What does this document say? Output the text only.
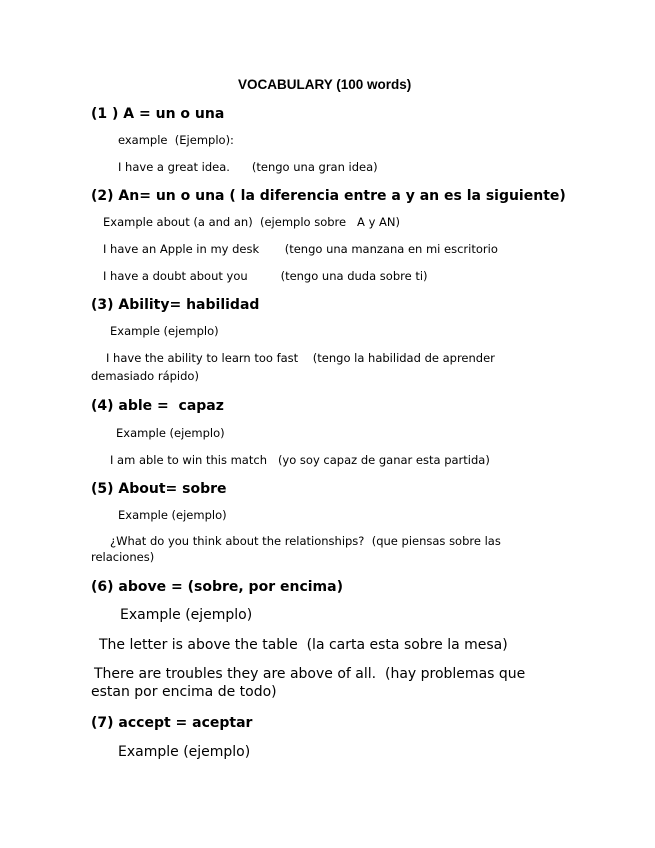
VOCABULARY (100 words)
(1 ) A = un o una
example  (Ejemplo):
I have a great idea.      (tengo una gran idea)
(2) An= un o una ( la diferencia entre a y an es la siguiente)
Example about (a and an)  (ejemplo sobre   A y AN)
I have an Apple in my desk       (tengo una manzana en mi escritorio
I have a doubt about you         (tengo una duda sobre ti)
(3) Ability= habilidad
Example (ejemplo)
I have the ability to learn too fast    (tengo la habilidad de aprender
demasiado rápido)
(4) able =  capaz
Example (ejemplo)
I am able to win this match   (yo soy capaz de ganar esta partida)
(5) About= sobre
Example (ejemplo)
¿What do you think about the relationships?  (que piensas sobre las
relaciones)
(6) above = (sobre, por encima)
Example (ejemplo)
The letter is above the table  (la carta esta sobre la mesa)
There are troubles they are above of all.  (hay problemas que
estan por encima de todo)
(7) accept = aceptar
Example (ejemplo)
